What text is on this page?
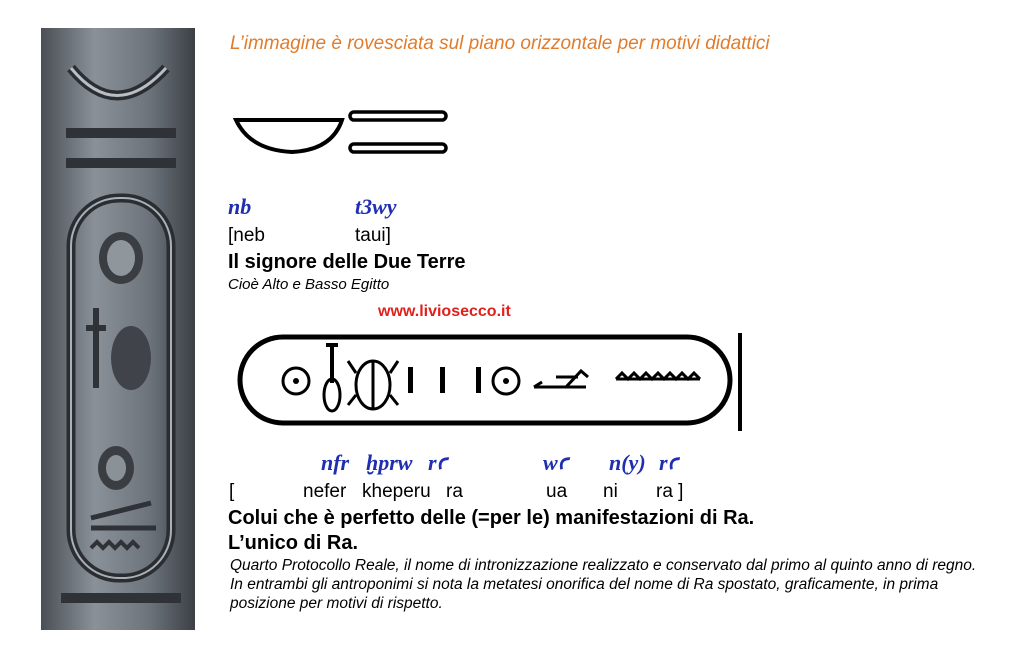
L’immagine è rovesciata sul piano orizzontale per motivi didattici
nb	t3wy
[neb	taui]
Il signore delle Due Terre
Cioè Alto e Basso Egitto
www.liviosecco.it
nfr ḫprw rꜥ	wꜥ n(y) rꜥ
[	nefer kheperu ra	ua ni ra ]
Colui che è perfetto delle (=per le) manifestazioni di Ra.
L’unico di Ra.
Quarto Protocollo Reale, il nome di intronizzazione realizzato e conservato dal primo al quinto anno di regno. In entrambi gli antroponimi si nota la metatesi onorifica del nome di Ra spostato, graficamente, in prima posizione per motivi di rispetto.
